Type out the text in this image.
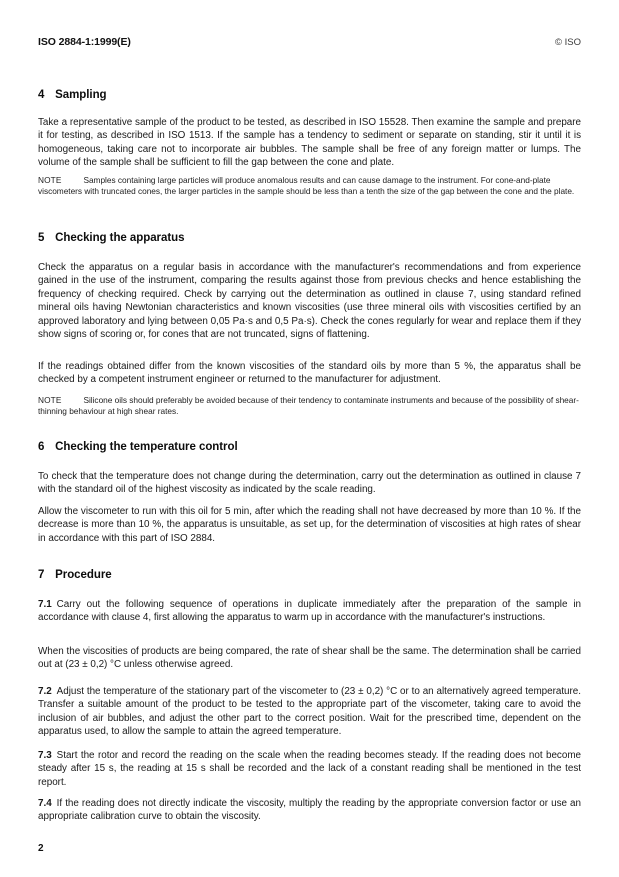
ISO 2884-1:1999(E)	© ISO
4 Sampling

Take a representative sample of the product to be tested, as described in ISO 15528. Then examine the sample and prepare it for testing, as described in ISO 1513. If the sample has a tendency to sediment or separate on standing, stir it until it is homogeneous, taking care not to incorporate air bubbles. The sample shall be free of any foreign matter or lumps. The volume of the sample shall be sufficient to fill the gap between the cone and plate.

NOTE	Samples containing large particles will produce anomalous results and can cause damage to the instrument. For cone-and-plate viscometers with truncated cones, the larger particles in the sample should be less than a tenth the size of the gap between the cone and the plate.

5 Checking the apparatus

Check the apparatus on a regular basis in accordance with the manufacturer's recommendations and from experience gained in the use of the instrument, comparing the results against those from previous checks and hence establishing the frequency of checking required. Check by carrying out the determination as outlined in clause 7, using standard refined mineral oils having Newtonian characteristics and known viscosities (use three mineral oils with viscosities certified by an approved laboratory and lying between 0,05 Pa·s and 0,5 Pa·s). Check the cones regularly for wear and replace them if they show signs of scoring or, for cones that are not truncated, signs of flattening.

If the readings obtained differ from the known viscosities of the standard oils by more than 5 %, the apparatus shall be checked by a competent instrument engineer or returned to the manufacturer for adjustment.

NOTE	Silicone oils should preferably be avoided because of their tendency to contaminate instruments and because of the possibility of shear-thinning behaviour at high shear rates.

6 Checking the temperature control

To check that the temperature does not change during the determination, carry out the determination as outlined in clause 7 with the standard oil of the highest viscosity as indicated by the scale reading.

Allow the viscometer to run with this oil for 5 min, after which the reading shall not have decreased by more than 10 %. If the decrease is more than 10 %, the apparatus is unsuitable, as set up, for the determination of viscosities at high rates of shear in accordance with this part of ISO 2884.

7 Procedure

7.1 Carry out the following sequence of operations in duplicate immediately after the preparation of the sample in accordance with clause 4, first allowing the apparatus to warm up in accordance with the manufacturer's instructions.

When the viscosities of products are being compared, the rate of shear shall be the same. The determination shall be carried out at (23 ± 0,2) °C unless otherwise agreed.

7.2 Adjust the temperature of the stationary part of the viscometer to (23 ± 0,2) °C or to an alternatively agreed temperature. Transfer a suitable amount of the product to be tested to the appropriate part of the viscometer, taking care to avoid the inclusion of air bubbles, and adjust the other part to the correct position. Wait for the prescribed time, dependent on the apparatus used, to allow the sample to attain the agreed temperature.

7.3 Start the rotor and record the reading on the scale when the reading becomes steady. If the reading does not become steady after 15 s, the reading at 15 s shall be recorded and the lack of a constant reading shall be mentioned in the test report.

7.4 If the reading does not directly indicate the viscosity, multiply the reading by the appropriate conversion factor or use an appropriate calibration curve to obtain the viscosity.

2
